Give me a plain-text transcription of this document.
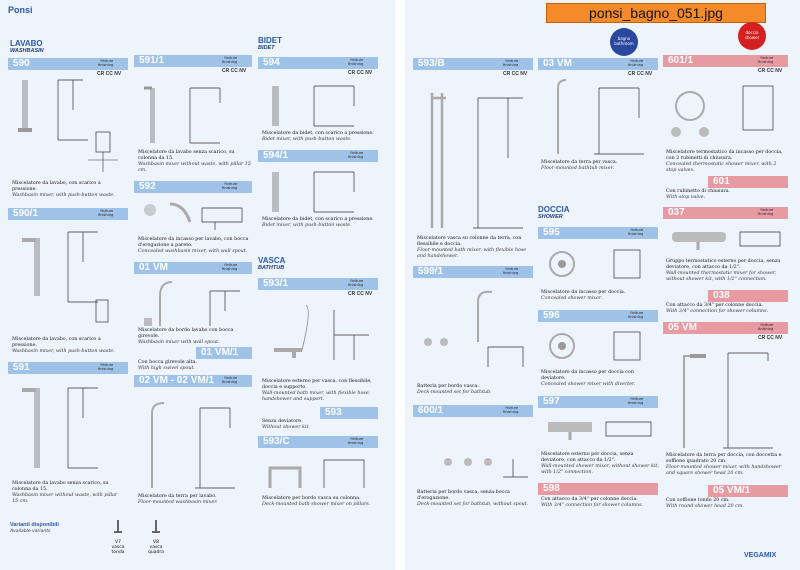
Ponsi	ponsi_bagno_051.jpg
bagno
bathroom
doccia
shower
LAVABO
WASHBASIN
BIDET
BIDET
VASCA
BATHTUB
DOCCIA
SHOWER
590	finiture
finishing
CR CC NV
Miscelatore da lavabo, con scarico a pressione.
Washbasin mixer, with push-button waste.
590/1	finiture
finishing
Miscelatore da lavabo, con scarico a pressione.
Washbasin mixer, with push-button waste.
591	finiture
finishing
Miscelatore da lavabo senza scarico, su colonna da 15.
Washbasin mixer without waste, with pillar 15 cm.
591/1	finiture
finishing
CR CC NV
Miscelatore da lavabo senza scarico, su colonna da 15.
Washbasin mixer without waste, with pillar 15 cm.
592	finiture
finishing
Miscelatore da incasso per lavabo, con bocca d'erogazione a parete.
Concealed washbasin mixer, with wall spout.
01 VM	finiture
finishing
Miscelatore da bordo lavabo con bocca girevole.
Washbasin mixer with wall spout.
01 VM/1
Con bocca girevole alta.
With high swivel spout.
02 VM - 02 VM/1	finiture
finishing
Miscelatore da terra per lavabo.
Floor-mounted washbasin mixer.
594	finiture
finishing
CR CC NV
Miscelatore da bidet, con scarico a pressione.
Bidet mixer, with push-button waste.
594/1	finiture
finishing
Miscelatore da bidet, con scarico a pressione.
Bidet mixer, with push-button waste.
593/1	finiture
finishing
CR CC NV
Miscelatore esterno per vasca, con flessibile, doccia e supporto.
Wall-mounted bath mixer, with flexible hose, handshower and support.
593
Senza deviatore.
Without shower kit.
593/C	finiture
finishing
Miscelatore per bordo vasca su colonna.
Deck-mounted bath shower mixer on pillars.
Varianti disponibili
Available variants
V7
vasca tonda
V8
vasca quadra
593/B	finiture
finishing
CR CC NV
Miscelatore vasca su colonne da terra, con flessibile e doccia.
Floor-mounted bath mixer, with flexible hose and handshower.
599/1	finiture
finishing
Batteria per bordo vasca.
Deck-mounted set for bathtub.
600/1	finiture
finishing
Batteria per bordo vasca, senza bocca d'erogazione.
Deck-mounted set for bathtub, without spout.
03 VM	finiture
finishing
CR CC NV
Miscelatore da terra per vasca.
Floor-mounted bathtub mixer.
595	finiture
finishing
Miscelatore da incasso per doccia.
Concealed shower mixer.
596	finiture
finishing
Miscelatore da incasso per doccia con deviatore.
Concealed shower mixer with diverter.
597	finiture
finishing
Miscelatore esterno per doccia, senza deviatore, con attacco da 1/2".
Wall-mounted shower mixer, without shower kit, with 1/2" connection.
598
Con attacco da 3/4" per colonne doccia.
With 3/4" connection for shower columns.
601/1	finiture
finishing
CR CC NV
Miscelatore termostatico da incasso per doccia, con 2 rubinetti di chiusura.
Concealed thermostatic shower mixer, with 2 stop valves.
601
Con rubinetto di chiusura.
With stop valve.
037	finiture
finishing
Gruppo termostatico esterno per doccia, senza deviatore, con attacco da 1/2".
Wall-mounted thermostatic mixer for shower, without shower kit, with 1/2" connection.
038
Con attacco da 3/4" per colonne doccia.
With 3/4" connection for shower columns.
05 VM	finiture
finishing
CR CC NV
Miscelatore da terra per doccia, con doccetta e soffione quadrato 20 cm.
Floor-mounted shower mixer, with handshower and square shower head 20 cm.
05 VM/1
Con soffione tondo 20 cm.
With round shower head 20 cm.
VEGAMIX
